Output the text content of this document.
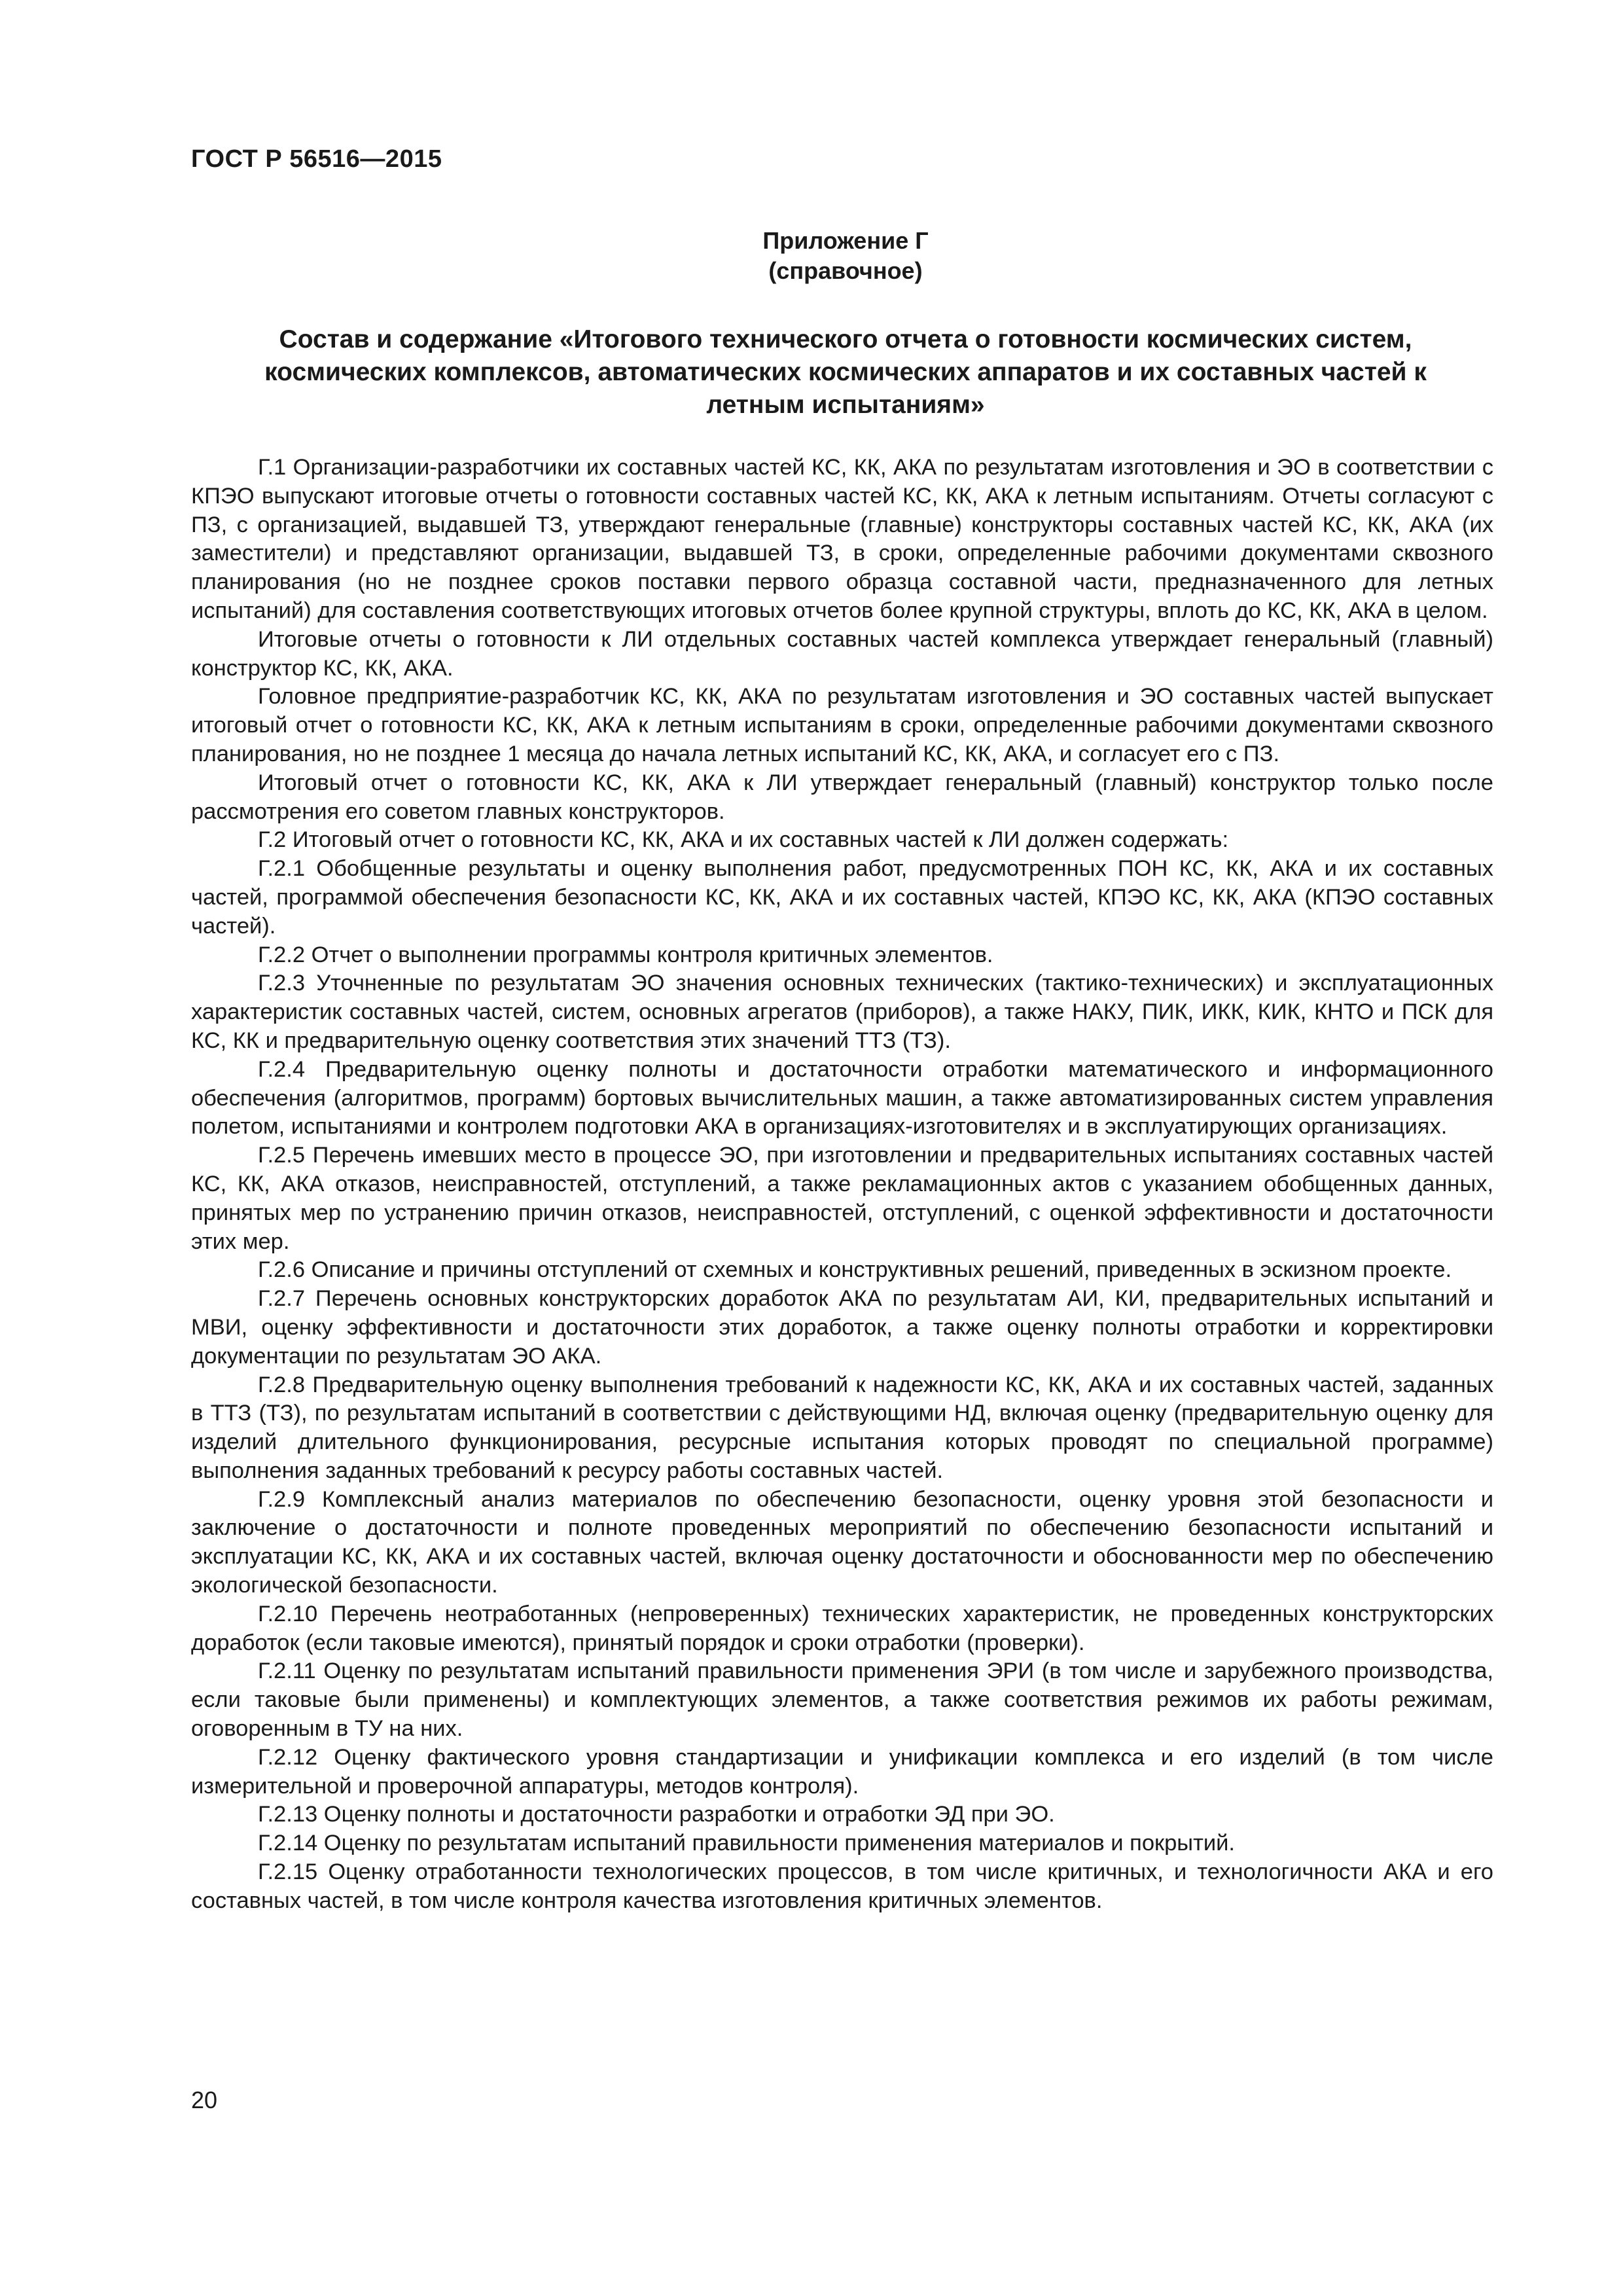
ГОСТ Р 56516—2015
Приложение Г
(справочное)
Состав и содержание «Итогового технического отчета о готовности космических систем, космических комплексов, автоматических космических аппаратов и их составных частей к летным испытаниям»

Г.1 Организации-разработчики их составных частей КС, КК, АКА по результатам изготовления и ЭО в соответствии с КПЭО выпускают итоговые отчеты о готовности составных частей КС, КК, АКА к летным испытаниям. Отчеты согласуют с ПЗ, с организацией, выдавшей ТЗ, утверждают генеральные (главные) конструкторы составных частей КС, КК, АКА (их заместители) и представляют организации, выдавшей ТЗ, в сроки, определенные рабочими документами сквозного планирования (но не позднее сроков поставки первого образца составной части, предназначенного для летных испытаний) для составления соответствующих итоговых отчетов более крупной структуры, вплоть до КС, КК, АКА в целом.

Итоговые отчеты о готовности к ЛИ отдельных составных частей комплекса утверждает генеральный (главный) конструктор КС, КК, АКА.

Головное предприятие-разработчик КС, КК, АКА по результатам изготовления и ЭО составных частей выпускает итоговый отчет о готовности КС, КК, АКА к летным испытаниям в сроки, определенные рабочими документами сквозного планирования, но не позднее 1 месяца до начала летных испытаний КС, КК, АКА, и согласует его с ПЗ.

Итоговый отчет о готовности КС, КК, АКА к ЛИ утверждает генеральный (главный) конструктор только после рассмотрения его советом главных конструкторов.

Г.2 Итоговый отчет о готовности КС, КК, АКА и их составных частей к ЛИ должен содержать:

Г.2.1 Обобщенные результаты и оценку выполнения работ, предусмотренных ПОН КС, КК, АКА и их составных частей, программой обеспечения безопасности КС, КК, АКА и их составных частей, КПЭО КС, КК, АКА (КПЭО составных частей).

Г.2.2 Отчет о выполнении программы контроля критичных элементов.

Г.2.3 Уточненные по результатам ЭО значения основных технических (тактико-технических) и эксплуатационных характеристик составных частей, систем, основных агрегатов (приборов), а также НАКУ, ПИК, ИКК, КИК, КНТО и ПСК для КС, КК и предварительную оценку соответствия этих значений ТТЗ (ТЗ).

Г.2.4 Предварительную оценку полноты и достаточности отработки математического и информационного обеспечения (алгоритмов, программ) бортовых вычислительных машин, а также автоматизированных систем управления полетом, испытаниями и контролем подготовки АКА в организациях-изготовителях и в эксплуатирующих организациях.

Г.2.5 Перечень имевших место в процессе ЭО, при изготовлении и предварительных испытаниях составных частей КС, КК, АКА отказов, неисправностей, отступлений, а также рекламационных актов с указанием обобщенных данных, принятых мер по устранению причин отказов, неисправностей, отступлений, с оценкой эффективности и достаточности этих мер.

Г.2.6 Описание и причины отступлений от схемных и конструктивных решений, приведенных в эскизном проекте.

Г.2.7 Перечень основных конструкторских доработок АКА по результатам АИ, КИ, предварительных испытаний и МВИ, оценку эффективности и достаточности этих доработок, а также оценку полноты отработки и корректировки документации по результатам ЭО АКА.

Г.2.8 Предварительную оценку выполнения требований к надежности КС, КК, АКА и их составных частей, заданных в ТТЗ (ТЗ), по результатам испытаний в соответствии с действующими НД, включая оценку (предварительную оценку для изделий длительного функционирования, ресурсные испытания которых проводят по специальной программе) выполнения заданных требований к ресурсу работы составных частей.

Г.2.9 Комплексный анализ материалов по обеспечению безопасности, оценку уровня этой безопасности и заключение о достаточности и полноте проведенных мероприятий по обеспечению безопасности испытаний и эксплуатации КС, КК, АКА и их составных частей, включая оценку достаточности и обоснованности мер по обеспечению экологической безопасности.

Г.2.10 Перечень неотработанных (непроверенных) технических характеристик, не проведенных конструкторских доработок (если таковые имеются), принятый порядок и сроки отработки (проверки).

Г.2.11 Оценку по результатам испытаний правильности применения ЭРИ (в том числе и зарубежного производства, если таковые были применены) и комплектующих элементов, а также соответствия режимов их работы режимам, оговоренным в ТУ на них.

Г.2.12 Оценку фактического уровня стандартизации и унификации комплекса и его изделий (в том числе измерительной и проверочной аппаратуры, методов контроля).

Г.2.13 Оценку полноты и достаточности разработки и отработки ЭД при ЭО.

Г.2.14 Оценку по результатам испытаний правильности применения материалов и покрытий.

Г.2.15 Оценку отработанности технологических процессов, в том числе критичных, и технологичности АКА и его составных частей, в том числе контроля качества изготовления критичных элементов.

20
